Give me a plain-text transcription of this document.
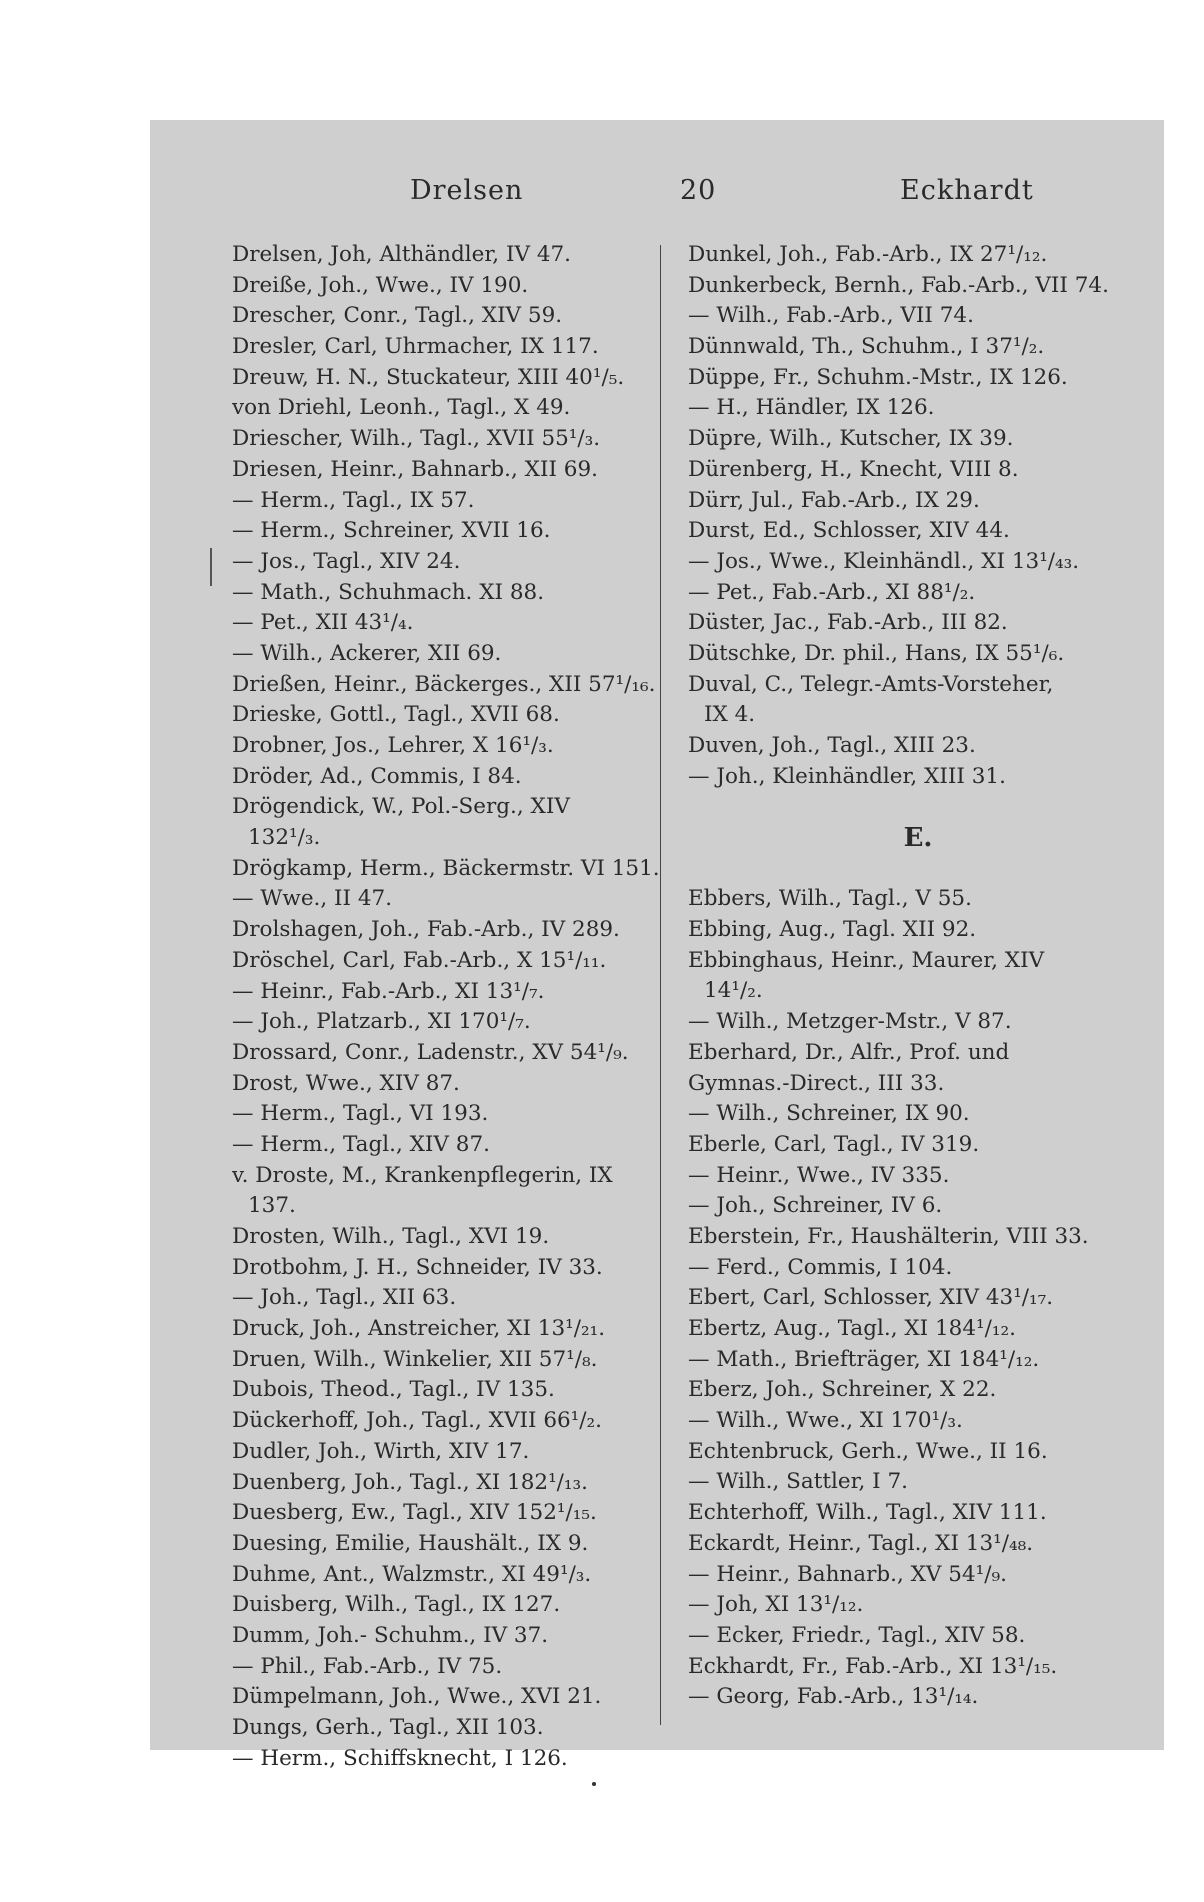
Drelsen	20	Eckhardt
Drelsen, Joh, Althändler, IV 47.
Dreiße, Joh., Wwe., IV 190.
Drescher, Conr., Tagl., XIV 59.
Dresler, Carl, Uhrmacher, IX 117.
Dreuw, H. N., Stuckateur, XIII 40¹/₅.
von Driehl, Leonh., Tagl., X 49.
Driescher, Wilh., Tagl., XVII 55¹/₃.
Driesen, Heinr., Bahnarb., XII 69.
— Herm., Tagl., IX 57.
— Herm., Schreiner, XVII 16.
— Jos., Tagl., XIV 24.
— Math., Schuhmach. XI 88.
— Pet., XII 43¹/₄.
— Wilh., Ackerer, XII 69.
Drießen, Heinr., Bäckerges., XII 57¹/₁₆.
Drieske, Gottl., Tagl., XVII 68.
Drobner, Jos., Lehrer, X 16¹/₃.
Dröder, Ad., Commis, I 84.
Drögendick, W., Pol.-Serg., XIV
132¹/₃.
Drögkamp, Herm., Bäckermstr. VI 151.
— Wwe., II 47.
Drolshagen, Joh., Fab.-Arb., IV 289.
Dröschel, Carl, Fab.-Arb., X 15¹/₁₁.
— Heinr., Fab.-Arb., XI 13¹/₇.
— Joh., Platzarb., XI 170¹/₇.
Drossard, Conr., Ladenstr., XV 54¹/₉.
Drost, Wwe., XIV 87.
— Herm., Tagl., VI 193.
— Herm., Tagl., XIV 87.
v. Droste, M., Krankenpflegerin, IX
137.
Drosten, Wilh., Tagl., XVI 19.
Drotbohm, J. H., Schneider, IV 33.
— Joh., Tagl., XII 63.
Druck, Joh., Anstreicher, XI 13¹/₂₁.
Druen, Wilh., Winkelier, XII 57¹/₈.
Dubois, Theod., Tagl., IV 135.
Dückerhoff, Joh., Tagl., XVII 66¹/₂.
Dudler, Joh., Wirth, XIV 17.
Duenberg, Joh., Tagl., XI 182¹/₁₃.
Duesberg, Ew., Tagl., XIV 152¹/₁₅.
Duesing, Emilie, Haushält., IX 9.
Duhme, Ant., Walzmstr., XI 49¹/₃.
Duisberg, Wilh., Tagl., IX 127.
Dumm, Joh.- Schuhm., IV 37.
— Phil., Fab.-Arb., IV 75.
Dümpelmann, Joh., Wwe., XVI 21.
Dungs, Gerh., Tagl., XII 103.
— Herm., Schiffsknecht, I 126.
Dunkel, Joh., Fab.-Arb., IX 27¹/₁₂.
Dunkerbeck, Bernh., Fab.-Arb., VII 74.
— Wilh., Fab.-Arb., VII 74.
Dünnwald, Th., Schuhm., I 37¹/₂.
Düppe, Fr., Schuhm.-Mstr., IX 126.
— H., Händler, IX 126.
Düpre, Wilh., Kutscher, IX 39.
Dürenberg, H., Knecht, VIII 8.
Dürr, Jul., Fab.-Arb., IX 29.
Durst, Ed., Schlosser, XIV 44.
— Jos., Wwe., Kleinhändl., XI 13¹/₄₃.
— Pet., Fab.-Arb., XI 88¹/₂.
Düster, Jac., Fab.-Arb., III 82.
Dütschke, Dr. phil., Hans, IX 55¹/₆.
Duval, C., Telegr.-Amts-Vorsteher,
IX 4.
Duven, Joh., Tagl., XIII 23.
— Joh., Kleinhändler, XIII 31.
E.
Ebbers, Wilh., Tagl., V 55.
Ebbing, Aug., Tagl. XII 92.
Ebbinghaus, Heinr., Maurer, XIV
14¹/₂.
— Wilh., Metzger-Mstr., V 87.
Eberhard, Dr., Alfr., Prof. und
Gymnas.-Direct., III 33.
— Wilh., Schreiner, IX 90.
Eberle, Carl, Tagl., IV 319.
— Heinr., Wwe., IV 335.
— Joh., Schreiner, IV 6.
Eberstein, Fr., Haushälterin, VIII 33.
— Ferd., Commis, I 104.
Ebert, Carl, Schlosser, XIV 43¹/₁₇.
Ebertz, Aug., Tagl., XI 184¹/₁₂.
— Math., Briefträger, XI 184¹/₁₂.
Eberz, Joh., Schreiner, X 22.
— Wilh., Wwe., XI 170¹/₃.
Echtenbruck, Gerh., Wwe., II 16.
— Wilh., Sattler, I 7.
Echterhoff, Wilh., Tagl., XIV 111.
Eckardt, Heinr., Tagl., XI 13¹/₄₈.
— Heinr., Bahnarb., XV 54¹/₉.
— Joh, XI 13¹/₁₂.
— Ecker, Friedr., Tagl., XIV 58.
Eckhardt, Fr., Fab.-Arb., XI 13¹/₁₅.
— Georg, Fab.-Arb., 13¹/₁₄.
